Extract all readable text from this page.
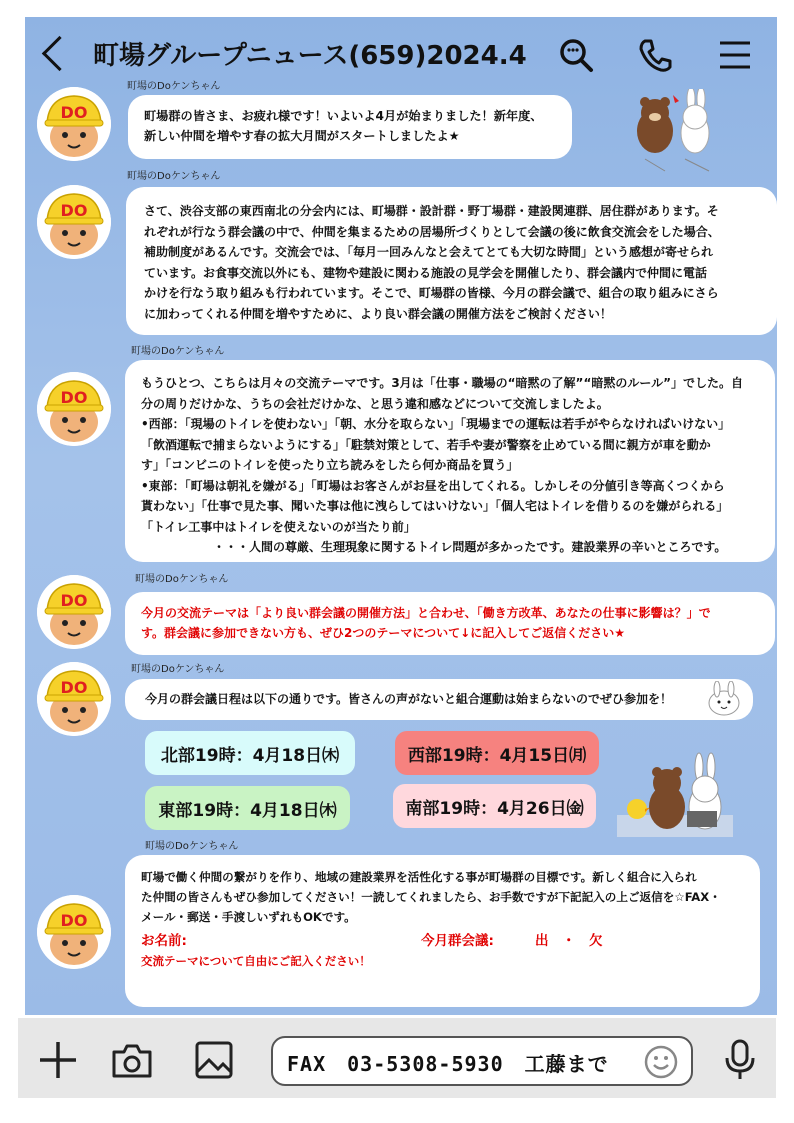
町場グループニュース(659)2024.4
町場のDoケンちゃん
DO	町場群の皆さま、お疲れ様です！いよいよ4月が始まりました！新年度、

新しい仲間を増やす春の拡大月間がスタートしましたよ★

町場のDoケンちゃん
DO	さて、渋谷支部の東西南北の分会内には、町場群・設計群・野丁場群・建設関連群、居住群があります。そ

れぞれが行なう群会議の中で、仲間を集まるための居場所づくりとして会議の後に飲食交流会をした場合、

補助制度があるんです。交流会では、「毎月一回みんなと会えてとても大切な時間」という感想が寄せられ

ています。お食事交流以外にも、建物や建設に関わる施設の見学会を開催したり、群会議内で仲間に電話

かけを行なう取り組みも行われています。そこで、町場群の皆様、今月の群会議で、組合の取り組みにさら

に加わってくれる仲間を増やすために、より良い群会議の開催方法をご検討ください！

町場のDoケンちゃん
DO

もうひとつ、こちらは月々の交流テーマです。3月は「仕事・職場の“暗黙の了解”“暗黙のルール”」でした。自

分の周りだけかな、うちの会社だけかな、と思う違和感などについて交流しましたよ。

•西部：「現場のトイレを使わない」「朝、水分を取らない」「現場までの運転は若手がやらなければいけない」

「飲酒運転で捕まらないようにする」「駐禁対策として、若手や妻が警察を止めている間に親方が車を動か

す」「コンビニのトイレを使ったり立ち読みをしたら何か商品を買う」

•東部：「町場は朝礼を嫌がる」「町場はお客さんがお昼を出してくれる。しかしその分値引き等高くつくから

貰わない」「仕事で見た事、聞いた事は他に洩らしてはいけない」「個人宅はトイレを借りるのを嫌がられる」

「トイレ工事中はトイレを使えないのが当たり前」

　　　　　　・・・人間の尊厳、生理現象に関するトイレ問題が多かったです。建設業界の辛いところです。

町場のDoケンちゃん
DO

今月の交流テーマは「より良い群会議の開催方法」と合わせ、「働き方改革、あなたの仕事に影響は？」で

す。群会議に参加できない方も、ぜひ2つのテーマについて↓に記入してご返信ください★

町場のDoケンちゃん
DO

今月の群会議日程は以下の通りです。皆さんの声がないと組合運動は始まらないのでぜひ参加を！

北部19時：4月18日㈭	西部19時：4月15日㈪
東部19時：4月18日㈭	南部19時：4月26日㈮
町場のDoケンちゃん
DO

町場で働く仲間の繋がりを作り、地域の建設業界を活性化する事が町場群の目標です。新しく組合に入られ

た仲間の皆さんもぜひ参加してください！一読してくれましたら、お手数ですが下記記入の上ご返信を☆FAX・

メール・郵送・手渡しいずれもOKです。

お名前:	今月群会議:	出　・　欠

交流テーマについて自由にご記入ください！

FAX　03-5308-5930　工藤まで
